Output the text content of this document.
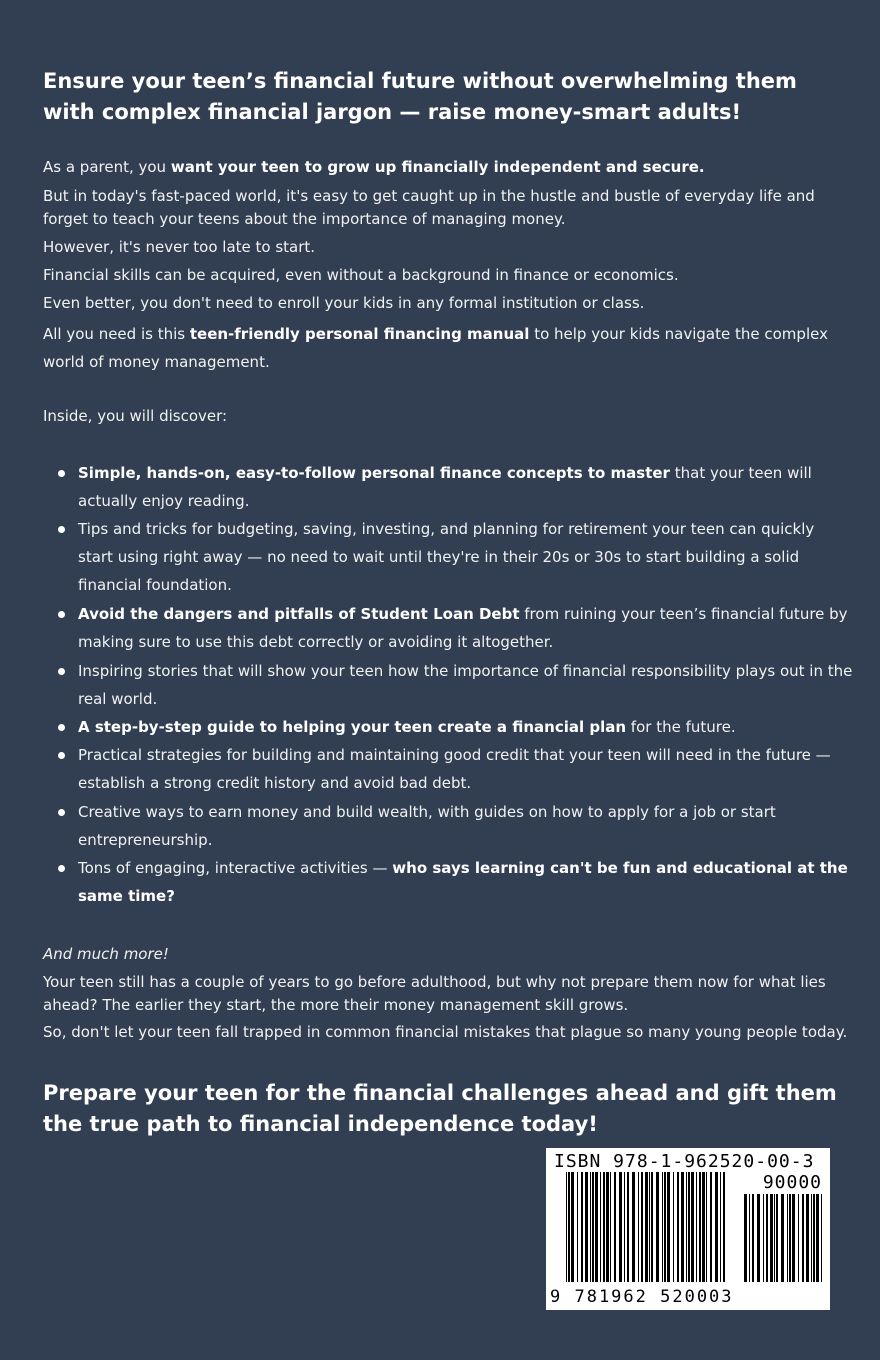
Ensure your teen’s financial future without overwhelming them with complex financial jargon — raise money-smart adults!

As a parent, you want your teen to grow up financially independent and secure.

But in today's fast-paced world, it's easy to get caught up in the hustle and bustle of everyday life and forget to teach your teens about the importance of managing money.

However, it's never too late to start.

Financial skills can be acquired, even without a background in finance or economics.

Even better, you don't need to enroll your kids in any formal institution or class.

All you need is this teen-friendly personal financing manual to help your kids navigate the complex world of money management.

Inside, you will discover:

Simple, hands-on, easy-to-follow personal finance concepts to master that your teen will actually enjoy reading.
Tips and tricks for budgeting, saving, investing, and planning for retirement your teen can quickly start using right away — no need to wait until they're in their 20s or 30s to start building a solid financial foundation.
Avoid the dangers and pitfalls of Student Loan Debt from ruining your teen’s financial future by making sure to use this debt correctly or avoiding it altogether.
Inspiring stories that will show your teen how the importance of financial responsibility plays out in the real world.
A step-by-step guide to helping your teen create a financial plan for the future.
Practical strategies for building and maintaining good credit that your teen will need in the future — establish a strong credit history and avoid bad debt.
Creative ways to earn money and build wealth, with guides on how to apply for a job or start entrepreneurship.
Tons of engaging, interactive activities — who says learning can't be fun and educational at the same time?

And much more!

Your teen still has a couple of years to go before adulthood, but why not prepare them now for what lies ahead? The earlier they start, the more their money management skill grows.

So, don't let your teen fall trapped in common financial mistakes that plague so many young people today.

Prepare your teen for the financial challenges ahead and gift them the true path to financial independence today!
ISBN 978-1-962520-00-3
90000
9 781962 520003
